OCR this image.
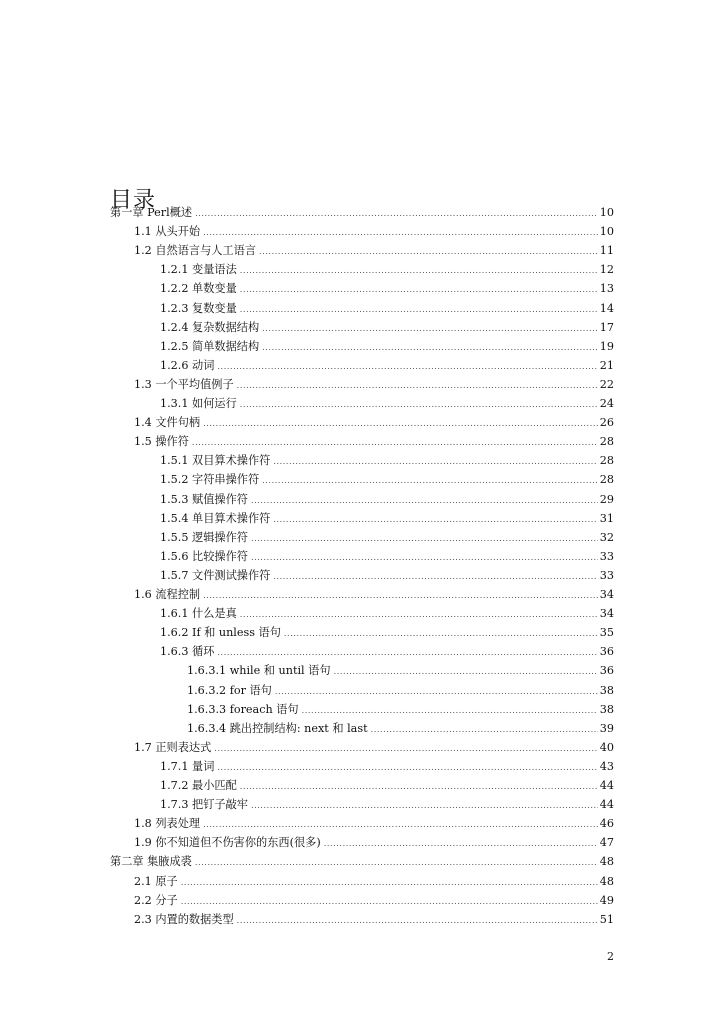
目录
第一章 Perl概述 .....	10
1.1 从头开始 .....	10
1.2 自然语言与人工语言 .....	11
1.2.1 变量语法 .....	12
1.2.2 单数变量 .....	13
1.2.3 复数变量 .....	14
1.2.4 复杂数据结构 .....	17
1.2.5 简单数据结构 .....	19
1.2.6 动词 .....	21
1.3 一个平均值例子 .....	22
1.3.1 如何运行 .....	24
1.4 文件句柄 .....	26
1.5 操作符 .....	28
1.5.1 双目算术操作符 .....	28
1.5.2 字符串操作符 .....	28
1.5.3 赋值操作符 .....	29
1.5.4 单目算术操作符 .....	31
1.5.5 逻辑操作符 .....	32
1.5.6 比较操作符 .....	33
1.5.7 文件测试操作符 .....	33
1.6 流程控制 .....	34
1.6.1 什么是真 .....	34
1.6.2 If 和 unless 语句 .....	35
1.6.3 循环 .....	36
1.6.3.1 while 和 until 语句 .....	36
1.6.3.2 for 语句 .....	38
1.6.3.3 foreach 语句 .....	38
1.6.3.4 跳出控制结构: next 和 last .....	39
1.7 正则表达式 .....	40
1.7.1 量词 .....	43
1.7.2 最小匹配 .....	44
1.7.3 把钉子敲牢 .....	44
1.8 列表处理 .....	46
1.9 你不知道但不伤害你的东西(很多) .....	47
第二章 集腋成裘 .....	48
2.1 原子 .....	48
2.2 分子 .....	49
2.3 内置的数据类型 .....	51
2
